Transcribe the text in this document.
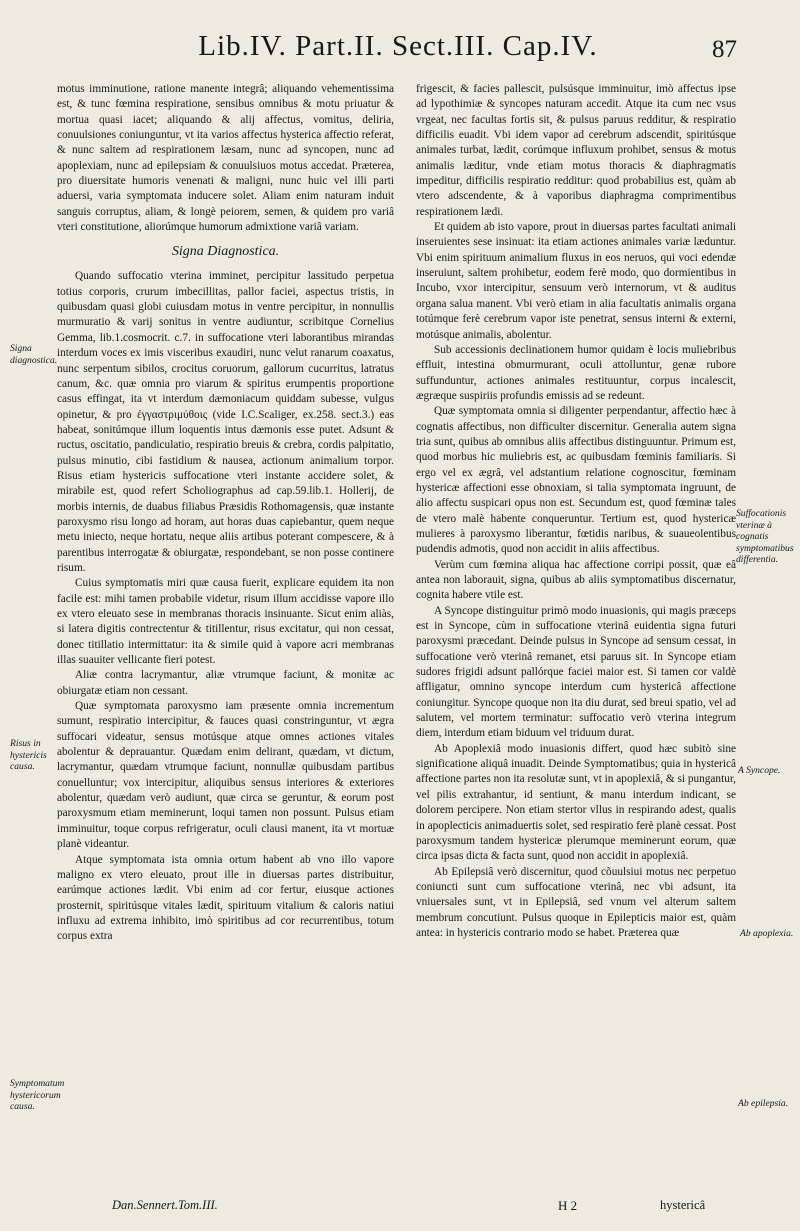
Lib.IV. Part.II. Sect.III. Cap.IV.	87

motus imminutione, ratione manente integrâ; aliquando vehementissima est, & tunc fœmina respiratione, sensibus omnibus & motu priuatur & mortua quasi iacet; aliquando & alij affectus, vomitus, deliria, conuulsiones coniunguntur, vt ita varios affectus hysterica affectio referat, & nunc saltem ad respirationem læsam, nunc ad syncopen, nunc ad apoplexiam, nunc ad epilepsiam & conuulsiuos motus accedat. Præterea, pro diuersitate humoris venenati & maligni, nunc huic vel illi parti aduersi, varia symptomata inducere solet. Aliam enim naturam induit sanguis corruptus, aliam, & longè peiorem, semen, & quidem pro variâ vteri constitutione, aliorúmque humorum admixtione variâ variam.

Signa Diagnostica.

Quando suffocatio vterina imminet, percipitur lassitudo perpetua totius corporis, crurum imbecillitas, pallor faciei, aspectus tristis, in quibusdam quasi globi cuiusdam motus in ventre percipitur, in nonnullis murmuratio & varij sonitus in ventre audiuntur, scribitque Cornelius Gemma, lib.1.cosmocrit. c.7. in suffocatione vteri laborantibus mirandas interdum voces ex imis visceribus exaudiri, nunc velut ranarum coaxatus, nunc serpentum sibilos, crocitus coruorum, gallorum cucurritus, latratus canum, &c. quæ omnia pro viarum & spiritus erumpentis proportione casus effingat, ita vt interdum dæmoniacum quiddam subesse, vulgus opinetur, & pro ἐγγαστριμύθοις (vide I.C.Scaliger, ex.258. sect.3.) eas habeat, sonitúmque illum loquentis intus dæmonis esse putet. Adsunt & ructus, oscitatio, pandiculatio, respiratio breuis & crebra, cordis palpitatio, pulsus minutio, cibi fastidium & nausea, actionum animalium torpor. Risus etiam hystericis suffocatione vteri instante accidere solet, & mirabile est, quod refert Scholiographus ad cap.59.lib.1. Hollerij, de morbis internis, de duabus filiabus Præsidis Rothomagensis, quæ instante paroxysmo risu longo ad horam, aut horas duas capiebantur, quem neque metu iniecto, neque hortatu, neque aliis artibus poterant compescere, & à parentibus interrogatæ & obiurgatæ, respondebant, se non posse continere risum.

Cuius symptomatis miri quæ causa fuerit, explicare equidem ita non facile est: mihi tamen probabile videtur, risum illum accidisse vapore illo ex vtero eleuato sese in membranas thoracis insinuante. Sicut enim aliàs, si latera digitis contrectentur & titillentur, risus excitatur, qui non cessat, donec titillatio intermittatur: ita & simile quid à vapore acri membranas illas suauiter vellicante fieri potest.

Aliæ contra lacrymantur, aliæ vtrumque faciunt, & monitæ ac obiurgatæ etiam non cessant.

Quæ symptomata paroxysmo iam præsente omnia incrementum sumunt, respiratio intercipitur, & fauces quasi constringuntur, vt ægra suffocari videatur, sensus motúsque atque omnes actiones vitales abolentur & deprauantur. Quædam enim delirant, quædam, vt dictum, lacrymantur, quædam vtrumque faciunt, nonnullæ quibusdam partibus conuelluntur; vox intercipitur, aliquibus sensus interiores & exteriores abolentur, quædam verò audiunt, quæ circa se geruntur, & eorum post paroxysmum etiam meminerunt, loqui tamen non possunt. Pulsus etiam imminuitur, toque corpus refrigeratur, oculi clausi manent, ita vt mortuæ planè videantur.

Atque symptomata ista omnia ortum habent ab vno illo vapore maligno ex vtero eleuato, prout ille in diuersas partes distribuitur, earúmque actiones lædit. Vbi enim ad cor fertur, eiusque actiones prosternit, spiritúsque vitales lædit, spirituum vitalium & caloris natiui influxu ad extrema inhibito, imò spiritibus ad cor recurrentibus, totum corpus extra

frigescit, & facies pallescit, pulsúsque imminuitur, imò affectus ipse ad lypothimiæ & syncopes naturam accedit. Atque ita cum nec vsus vrgeat, nec facultas fortis sit, & pulsus paruus redditur, & respiratio difficilis euadit. Vbi idem vapor ad cerebrum adscendit, spiritúsque animales turbat, lædit, corúmque influxum prohibet, sensus & motus animalis læditur, vnde etiam motus thoracis & diaphragmatis impeditur, difficilis respiratio redditur: quod probabilius est, quàm ab vtero adscendente, & à vaporibus diaphragma comprimentibus respirationem lædi.

Et quidem ab isto vapore, prout in diuersas partes facultati animali inseruientes sese insinuat: ita etiam actiones animales variæ læduntur. Vbi enim spirituum animalium fluxus in eos neruos, qui voci edendæ inseruiunt, saltem prohibetur, eodem ferè modo, quo dormientibus in Incubo, vxor intercipitur, sensuum verò internorum, vt & auditus organa salua manent. Vbi verò etiam in alia facultatis animalis organa totúmque ferè cerebrum vapor iste penetrat, sensus interni & externi, motúsque animalis, abolentur.

Sub accessionis declinationem humor quidam è locis muliebribus effluit, intestina obmurmurant, oculi attolluntur, genæ rubore suffunduntur, actiones animales restituuntur, corpus incalescit, ægræque suspiriis profundis emissis ad se redeunt.

Quæ symptomata omnia si diligenter perpendantur, affectio hæc à cognatis affectibus, non difficulter discernitur. Generalia autem signa tria sunt, quibus ab omnibus aliis affectibus distinguuntur. Primum est, quod morbus hic muliebris est, ac quibusdam fœminis familiaris. Si ergo vel ex ægrâ, vel adstantium relatione cognoscitur, fœminam hystericæ affectioni esse obnoxiam, si talia symptomata ingruunt, de alio affectu suspicari opus non est. Secundum est, quod fœminæ tales de vtero malè habente conqueruntur. Tertium est, quod hystericæ mulieres à paroxysmo liberantur, fœtidis naribus, & suaueolentibus pudendis admotis, quod non accidit in aliis affectibus.

Verùm cum fœmina aliqua hac affectione corripi possit, quæ eâ antea non laborauit, signa, quibus ab aliis symptomatibus discernatur, cognita habere vtile est.

A Syncope distinguitur primò modo inuasionis, qui magis præceps est in Syncope, cùm in suffocatione vterinâ euidentia signa futuri paroxysmi præcedant. Deinde pulsus in Syncope ad sensum cessat, in suffocatione verò vterinâ remanet, etsi paruus sit. In Syncope etiam sudores frigidi adsunt pallórque faciei maior est. Si tamen cor valdè affligatur, omnino syncope interdum cum hystericâ affectione coniungitur. Syncope quoque non ita diu durat, sed breui spatio, vel ad salutem, vel mortem terminatur: suffocatio verò vterina integrum diem, interdum etiam biduum vel triduum durat.

Ab Apoplexiâ modo inuasionis differt, quod hæc subitò sine significatione aliquâ inuadit. Deinde Symptomatibus; quia in hystericâ affectione partes non ita resolutæ sunt, vt in apoplexiâ, & si pungantur, vel pilis extrahantur, id sentiunt, & manu interdum indicant, se dolorem percipere. Non etiam stertor vllus in respirando adest, qualis in apoplecticis animaduertis solet, sed respiratio ferè planè cessat. Post paroxysmum tandem hystericæ plerumque meminerunt eorum, quæ circa ipsas dicta & facta sunt, quod non accidit in apoplexiâ.

Ab Epilepsiâ verò discernitur, quod cõuulsiui motus nec perpetuo coniuncti sunt cum suffocatione vterinâ, nec vbi adsunt, ita vniuersales sunt, vt in Epilepsiâ, sed vnum vel alterum saltem membrum concutiunt. Pulsus quoque in Epilepticis maior est, quàm antea: in hystericis contrario modo se habet. Præterea quæ

Signa diagnostica.
Risus in hystericis causa.
Symptomatum hystericorum causa.
Suffocationis vterinæ à cognatis symptomatibus differentia.
A Syncope.
Ab apoplexia.
Ab epilepsia.
Dan.Sennert.Tom.III.	H 2	hystericâ
